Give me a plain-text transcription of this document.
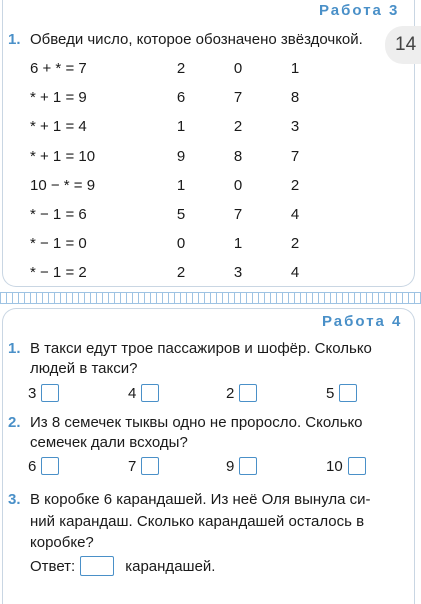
Работа 3
14
1. Обведи число, которое обозначено звёздочкой.
6 + * = 7	2	0	1
* + 1 = 9	6	7	8
* + 1 = 4	1	2	3
* + 1 = 10	9	8	7
10 − * = 9	1	0	2
* − 1 = 6	5	7	4
* − 1 = 0	0	1	2
* − 1 = 2	2	3	4
Работа 4
1. В такси едут трое пассажиров и шофёр. Сколько
людей в такси?
3	4	2	5
2. Из 8 семечек тыквы одно не проросло. Сколько
семечек дали всходы?
6	7	9	10
3. В коробке 6 карандашей. Из неё Оля вынула си-
ний карандаш. Сколько карандашей осталось в
коробке?
Ответ:	карандашей.
